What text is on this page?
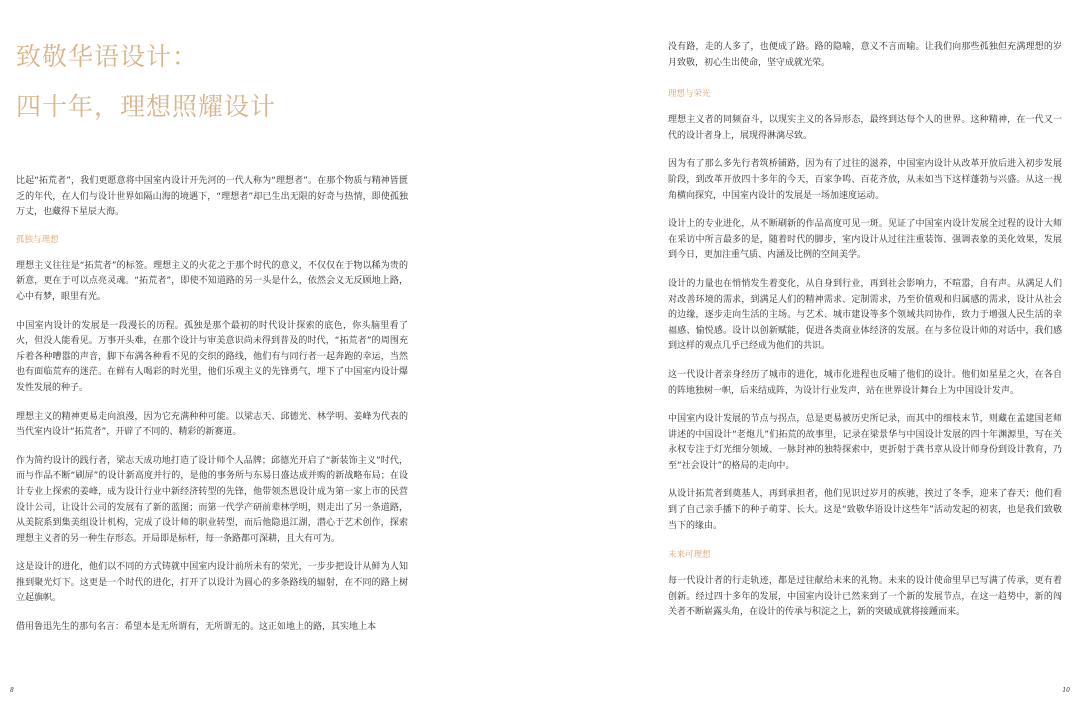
致敬华语设计：
四十年，理想照耀设计

比起“拓荒者”，我们更愿意将中国室内设计开先河的一代人称为“理想者”。在那个物质与精神皆匮乏的年代，在人们与设计世界如隔山海的境遇下，“理想者”却已生出无限的好奇与热情，即使孤独万丈，也藏得下星辰大海。

孤独与理想

理想主义往往是“拓荒者”的标签。理想主义的火花之于那个时代的意义，不仅仅在于物以稀为贵的新意，更在于可以点亮灵魂。“拓荒者”，即使不知道路的另一头是什么，依然会义无反顾地上路，心中有梦，眼里有光。

中国室内设计的发展是一段漫长的历程。孤独是那个最初的时代设计探索的底色，你头脑里看了火，但没人能看见。万事开头难，在那个设计与审美意识尚未得到普及的时代，“拓荒者”的周围充斥着各种嘈嚣的声音，脚下布满各种看不见的交织的路线，他们有与同行者一起奔跑的幸运，当然也有面临荒弃的迷茫。在鲜有人喝彩的时光里，他们乐观主义的先锋勇气，埋下了中国室内设计爆发性发展的种子。

理想主义的精神更易走向浪漫，因为它充满种种可能。以梁志天、邱德光、林学明、姜峰为代表的当代室内设计“拓荒者”，开辟了不同的、精彩的新赛道。

作为简约设计的践行者，梁志天成功地打造了设计师个人品牌；邱德光开启了“新装饰主义”时代，而与作品不断“刷屏”的设计新高度并行的，是他的事务所与东易日盛达成并购的新战略布局；在设计专业上探索的姜峰，成为设计行业中新经济转型的先锋，他带领杰恩设计成为第一家上市的民营设计公司，让设计公司的发展有了新的蓝图；而第一代学产研前辈林学明，则走出了另一条道路，从美院系到集美组设计机构，完成了设计师的职业转型，而后他隐退江湖，潜心于艺术创作，探索理想主义者的另一种生存形态。开局即是标杆，每一条路都可深耕，且大有可为。

这是设计的进化，他们以不同的方式铸就中国室内设计前所未有的荣光，一步步把设计从鲜为人知推到聚光灯下。这更是一个时代的进化，打开了以设计为圆心的多条路线的辐射，在不同的路上树立起旗帜。

借用鲁迅先生的那句名言：希望本是无所谓有，无所谓无的。这正如地上的路，其实地上本

8

没有路，走的人多了，也便成了路。路的隐喻，意义不言而喻。让我们向那些孤独但充满理想的岁月致敬，初心生出使命，坚守成就光荣。

理想与荣光

理想主义者的同频奋斗，以现实主义的各异形态，最终到达每个人的世界。这种精神，在一代又一代的设计者身上，展现得淋漓尽致。

因为有了那么多先行者筑桥铺路，因为有了过往的滋养，中国室内设计从改革开放后进入初步发展阶段，到改革开放四十多年的今天，百家争鸣、百花齐放，从未如当下这样蓬勃与兴盛。从这一视角横向探究，中国室内设计的发展是一场加速度运动。

设计上的专业进化，从不断刷新的作品高度可见一斑。见证了中国室内设计发展全过程的设计大师在采访中所言最多的是，随着时代的脚步，室内设计从过往注重装饰、强调表象的美化效果，发展到今日，更加注重气质、内涵及比例的空间美学。

设计的力量也在悄悄发生着变化，从自身到行业，再到社会影响力，不喧嚣，自有声。从满足人们对改善环境的需求，到满足人们的精神需求、定制需求，乃至价值观和归属感的需求，设计从社会的边缘，逐步走向生活的主场。与艺术、城市建设等多个领域共同协作，致力于增强人民生活的幸福感、愉悦感。设计以创新赋能，促进各类商业体经济的发展。在与多位设计师的对话中，我们感到这样的观点几乎已经成为他们的共识。

这一代设计者亲身经历了城市的进化，城市化进程也反哺了他们的设计。他们如星星之火，在各自的阵地独树一帜，后来结成阵，为设计行业发声，站在世界设计舞台上为中国设计发声。

中国室内设计发展的节点与拐点，总是更易被历史所记录，而其中的细枝末节，则藏在孟建国老师讲述的中国设计“老炮儿”们拓荒的故事里，记录在梁景华与中国设计发展的四十年渊源里，写在关永权专注于灯光细分领域、一脉封神的独特探索中，更折射于龚书章从设计师身份到设计教育，乃至“社会设计”的格局的走向中。

从设计拓荒者到奠基人，再到承担者，他们见识过岁月的疾驰，挨过了冬季，迎来了春天；他们看到了自己亲手播下的种子萌芽、长大。这是“致敬华语设计这些年”活动发起的初衷，也是我们致敬当下的缘由。

未来可理想

每一代设计者的行走轨迹，都是过往献给未来的礼物。未来的设计使命里早已写满了传承，更有着创新。经过四十多年的发展，中国室内设计已然来到了一个新的发展节点，在这一趋势中，新的闯关者不断崭露头角，在设计的传承与积淀之上，新的突破成就将接踵而来。

10
